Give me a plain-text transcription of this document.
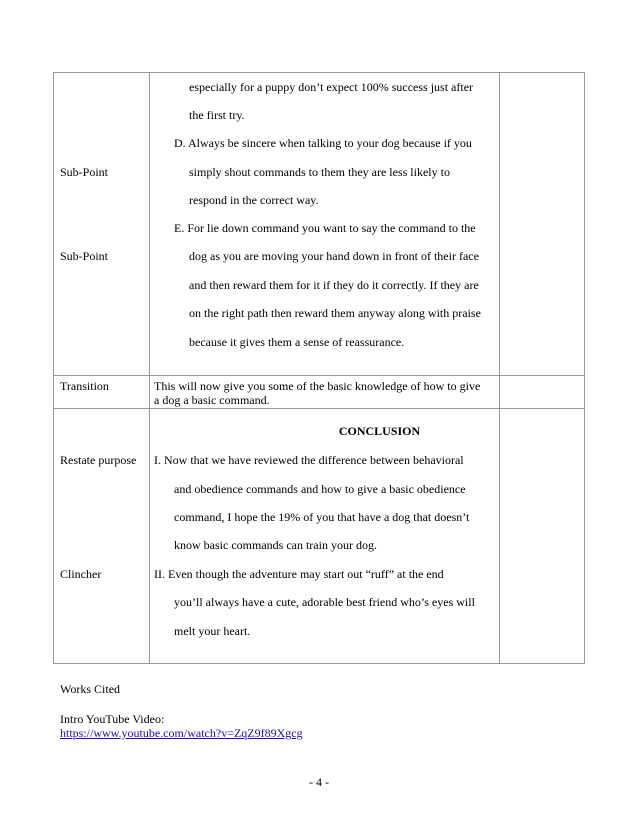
Sub-Point
Sub-Point
especially for a puppy don’t expect 100% success just after
the first try.
D. Always be sincere when talking to your dog because if you
simply shout commands to them they are less likely to
respond in the correct way.
E. For lie down command you want to say the command to the
dog as you are moving your hand down in front of their face
and then reward them for it if they do it correctly. If they are
on the right path then reward them anyway along with praise
because it gives them a sense of reassurance.
Transition	This will now give you some of the basic knowledge of how to give
a dog a basic command.
CONCLUSION
Restate purpose
Clincher
I. Now that we have reviewed the difference between behavioral
and obedience commands and how to give a basic obedience
command, I hope the 19% of you that have a dog that doesn’t
know basic commands can train your dog.
II. Even though the adventure may start out “ruff” at the end
you’ll always have a cute, adorable best friend who’s eyes will
melt your heart.
Works Cited
Intro YouTube Video:
https://www.youtube.com/watch?v=ZqZ9f89Xgcg
- 4 -
